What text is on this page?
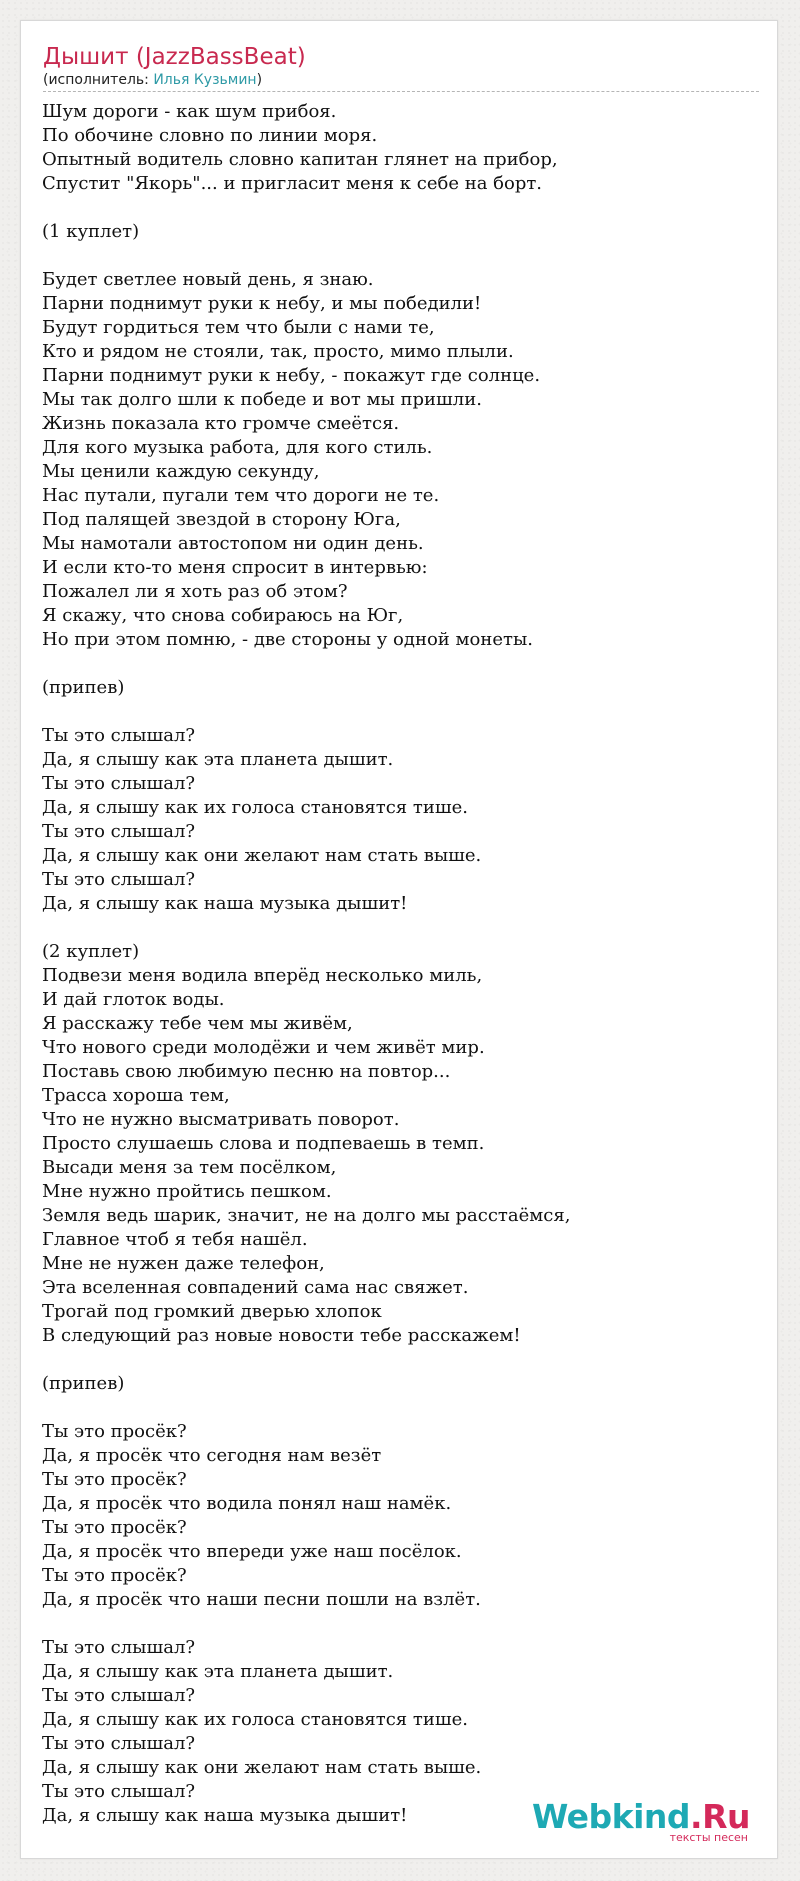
Дышит (JazzBassBeat)
(исполнитель: Илья Кузьмин)
Шум дороги - как шум прибоя.
По обочине словно по линии моря.
Опытный водитель словно капитан глянет на прибор,
Спустит "Якорь"... и пригласит меня к себе на борт.

(1 куплет)

Будет светлее новый день, я знаю.
Парни поднимут руки к небу, и мы победили!
Будут гордиться тем что были с нами те,
Кто и рядом не стояли, так, просто, мимо плыли.
Парни поднимут руки к небу, - покажут где солнце.
Мы так долго шли к победе и вот мы пришли.
Жизнь показала кто громче смеётся.
Для кого музыка работа, для кого стиль.
Мы ценили каждую секунду,
Нас путали, пугали тем что дороги не те.
Под палящей звездой в сторону Юга,
Мы намотали автостопом ни один день.
И если кто-то меня спросит в интервью:
Пожалел ли я хоть раз об этом?
Я скажу, что снова собираюсь на Юг,
Но при этом помню, - две стороны у одной монеты.

(припев)

Ты это слышал?
Да, я слышу как эта планета дышит.
Ты это слышал?
Да, я слышу как их голоса становятся тише.
Ты это слышал?
Да, я слышу как они желают нам стать выше.
Ты это слышал?
Да, я слышу как наша музыка дышит!

(2 куплет)
Подвези меня водила вперёд несколько миль,
И дай глоток воды.
Я расскажу тебе чем мы живём,
Что нового среди молодёжи и чем живёт мир.
Поставь свою любимую песню на повтор...
Трасса хороша тем,
Что не нужно высматривать поворот.
Просто слушаешь слова и подпеваешь в темп.
Высади меня за тем посёлком,
Мне нужно пройтись пешком.
Земля ведь шарик, значит, не на долго мы расстаёмся,
Главное чтоб я тебя нашёл.
Мне не нужен даже телефон,
Эта вселенная совпадений сама нас свяжет.
Трогай под громкий дверью хлопок
В следующий раз новые новости тебе расскажем!

(припев)

Ты это просёк?
Да, я просёк что сегодня нам везёт
Ты это просёк?
Да, я просёк что водила понял наш намёк.
Ты это просёк?
Да, я просёк что впереди уже наш посёлок.
Ты это просёк?
Да, я просёк что наши песни пошли на взлёт.

Ты это слышал?
Да, я слышу как эта планета дышит.
Ты это слышал?
Да, я слышу как их голоса становятся тише.
Ты это слышал?
Да, я слышу как они желают нам стать выше.
Ты это слышал?
Да, я слышу как наша музыка дышит!	Webkind.Ru
тексты песен
